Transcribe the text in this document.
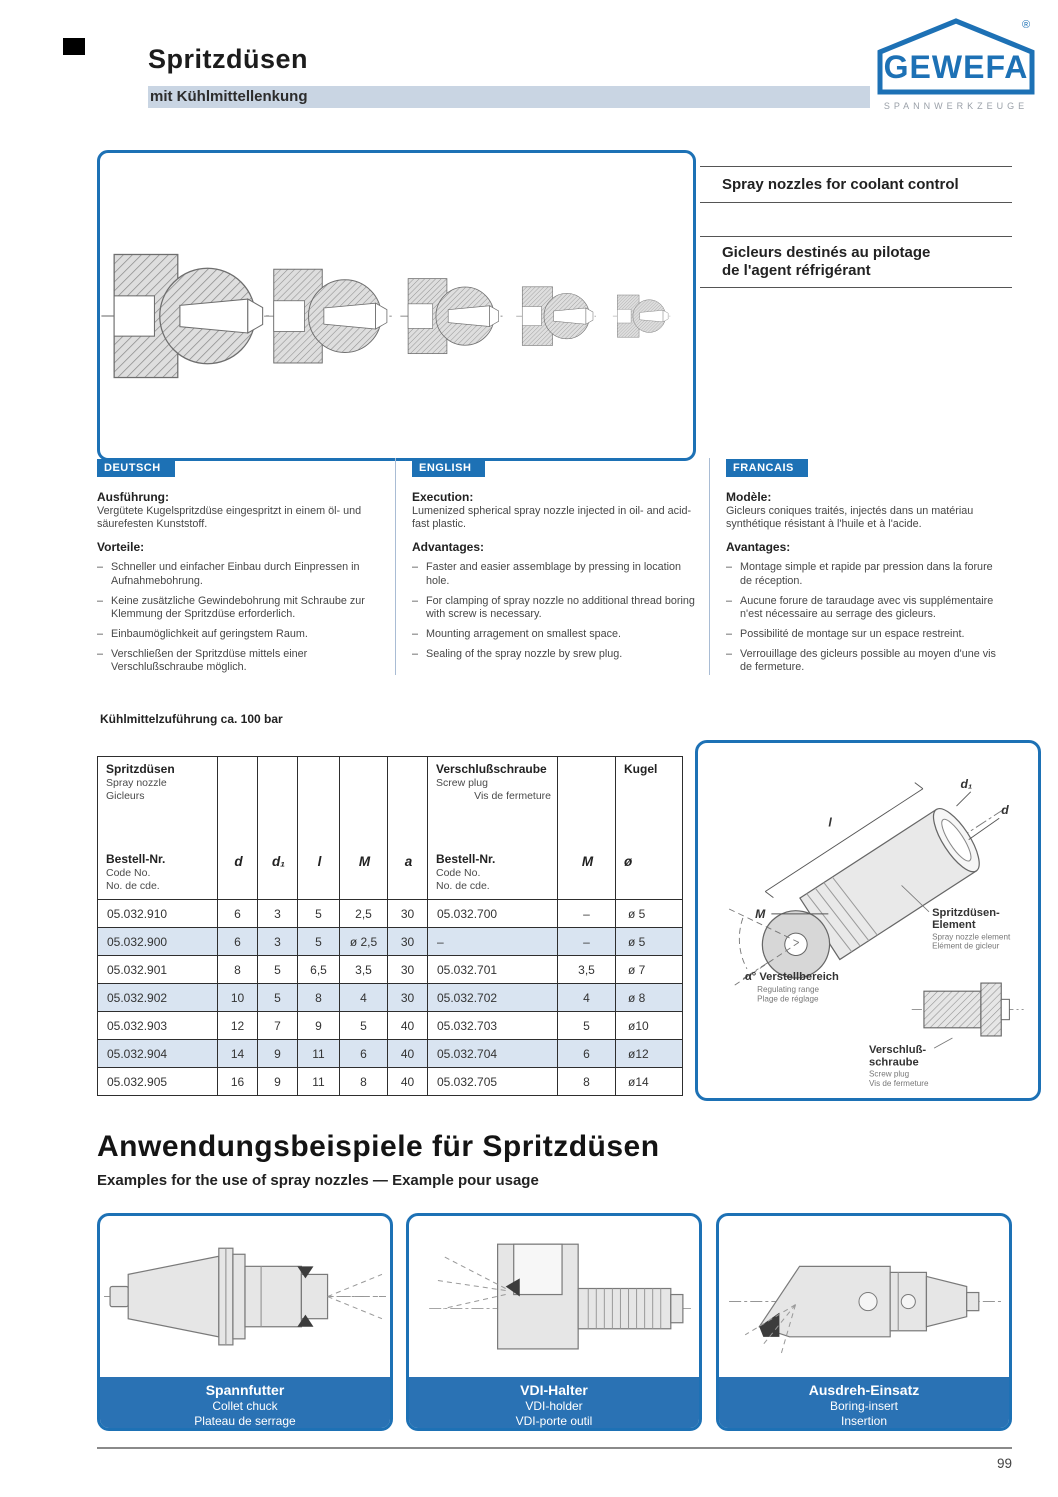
Spritzdüsen
mit Kühlmittellenkung
GEWEFA
®
SPANNWERKZEUGE
Spray nozzles for coolant control
Gicleurs destinés au pilotage
de l'agent réfrigérant
DEUTSCH
Ausführung:

Vergütete Kugelspritzdüse eingespritzt in einem öl- und säurefesten Kunststoff.

Vorteile:
– Schneller und einfacher Einbau durch Einpressen in Aufnahmebohrung.
– Keine zusätzliche Gewindebohrung mit Schraube zur Klemmung der Spritzdüse erforderlich.
– Einbaumöglichkeit auf geringstem Raum.
– Verschließen der Spritzdüse mittels einer Verschlußschraube möglich.
ENGLISH
Execution:

Lumenized spherical spray nozzle injected in oil- and acid-fast plastic.

Advantages:
– Faster and easier assemblage by pressing in location hole.
– For clamping of spray nozzle no additional thread boring with screw is necessary.
– Mounting arragement on smallest space.
– Sealing of the spray nozzle by srew plug.
FRANCAIS
Modèle:

Gicleurs coniques traités, injectés dans un matériau synthétique résistant à l'huile et à l'acide.

Avantages:
– Montage simple et rapide par pression dans la forure de réception.
– Aucune forure de taraudage avec vis supplémentaire n'est nécessaire au serrage des gicleurs.
– Possibilité de montage sur un espace restreint.
– Verrouillage des gicleurs possible au moyen d'une vis de fermeture.
Kühlmittelzuführung ca. 100 bar
Spritzdüsen
Spray nozzle
Gicleurs
Bestell-Nr.
Code No.
No. de cde.

d	d₁	l	M	a

Verschlußschraube
Screw plug
Vis de fermeture
Bestell-Nr.
Code No.
No. de cde.

M

Kugel
ø

05.032.910	6	3	5	2,5	30	05.032.700	–	ø 5
05.032.900	6	3	5	ø 2,5	30	–	–	ø 5
05.032.901	8	5	6,5	3,5	30	05.032.701	3,5	ø 7
05.032.902	10	5	8	4	30	05.032.702	4	ø 8
05.032.903	12	7	9	5	40	05.032.703	5	ø10
05.032.904	14	9	11	6	40	05.032.704	6	ø12
05.032.905	16	9	11	8	40	05.032.705	8	ø14
l
d₁
d
M	Spritzdüsen-
Element
Spray nozzle element
Elément de gicleur
α° Verstellbereich
Regulating range
Plage de réglage
Verschluß-
schraube
Screw plug
Vis de fermeture
Anwendungsbeispiele für Spritzdüsen
Examples for the use of spray nozzles — Example pour usage
Spannfutter
Collet chuck
Plateau de serrage
VDI-Halter
VDI-holder
VDI-porte outil
Ausdreh-Einsatz
Boring-insert
Insertion
99
